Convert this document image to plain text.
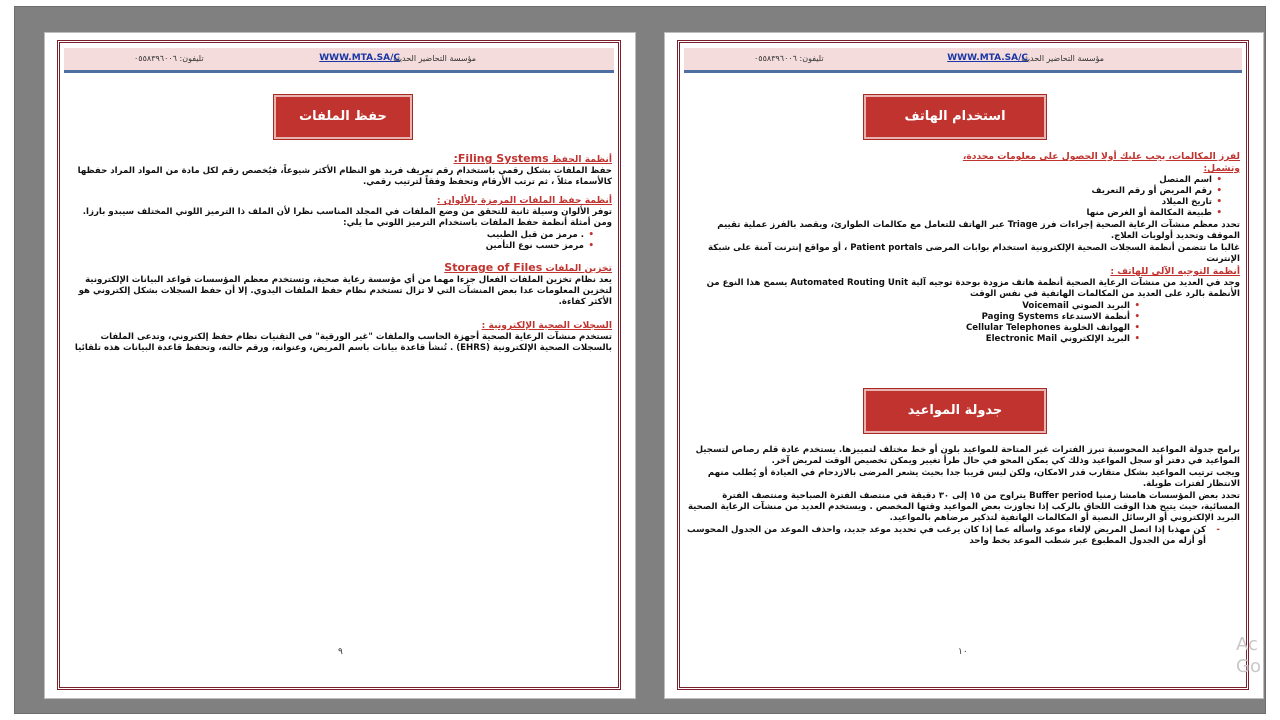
مؤسسة التحاضير الحديثة
WWW.MTA.SA/C
تليفون: ٠٥٥٨٣٩٦٠٠٦
حفظ الملفات

أنظمة الحفظ Filing Systems:

حفظ الملفات بشكل رقمي باستخدام رقم تعريف فريد هو النظام الأكثر شيوعاً، فيُخصص رقم لكل مادة من المواد المراد حفظها كالأسماء مثلاً ، ثم ترتب الأرقام وتحفظ وفقاً لترتيب رقمي.

أنظمة حفظ الملفات المرمزة بالألوان :

توفر الألوان وسيلة ثانية للتحقق من وضع الملفات في المجلد المناسب نظرا لأن الملف ذا الترميز اللوني المختلف سيبدو بارزا. ومن أمثلة أنظمة حفظ الملفات باستخدام الترميز اللوني ما يلي:

• . مرمز من قبل الطبيب
• مرمز حسب نوع التأمين

تخزين الملفات Storage of Files

يعد نظام تخزين الملفات الفعال جزءا مهما من أي مؤسسة رعاية صحية، وتستخدم معظم المؤسسات قواعد البيانات الإلكترونية لتخزين المعلومات عدا بعض المنشآت التي لا تزال تستخدم نظام حفظ الملفات اليدوي. إلا أن حفظ السجلات بشكل إلكتروني هو الأكثر كفاءة.

السجلات الصحية الإلكترونية :

تستخدم منشآت الرعاية الصحية أجهزة الحاسب والملفات "غير الورقية" في التقنيات نظام حفظ إلكتروني، وتدعى الملفات بالسجلات الصحية الإلكترونية (EHRS) . تُنشأ قاعدة بيانات باسم المريض، وعنوانه، ورقم حالته، وتحفظ قاعدة البيانات هذه تلقائيا

٩
مؤسسة التحاضير الحديثة
WWW.MTA.SA/C
تليفون: ٠٥٥٨٣٩٦٠٠٦
استخدام الهاتف

لفرز المكالمات، يجب عليك أولا الحصول على معلومات محددة،

وتشمل:

• اسم المتصل
• رقم المريض أو رقم التعريف
• تاريخ الميلاد
• طبيعة المكالمة أو الغرض منها

تحدد معظم منشآت الرعاية الصحية إجراءات فرز Triage عبر الهاتف للتعامل مع مكالمات الطوارئ، ويقصد بالفرز عملية تقييم الموقف وتحديد أولويات العلاج.

غالبا ما تتضمن أنظمة السجلات الصحية الإلكترونية استخدام بوابات المرضى Patient portals ، أو مواقع إنترنت آمنة على شبكة الإنترنت

أنظمة التوجيه الآلي للهاتف :

وجد في العديد من منشآت الرعاية الصحية أنظمة هاتف مزودة بوحدة توجيه آلية Automated Routing Unit يسمح هذا النوع من الأنظمة بالرد على العديد من المكالمات الهاتفية في نفس الوقت

• البريد الصوتي Voicemail
• أنظمة الاستدعاء Paging Systems
• الهواتف الخلوية Cellular Telephones
• البريد الإلكتروني Electronic Mail
جدولة المواعيد

برامج جدولة المواعيد المحوسبة تبرز الفترات غير المتاحة للمواعيد بلون أو خط مختلف لتمييزها. يستخدم عادة قلم رصاص لتسجيل المواعيد في دفتر أو سجل المواعيد وذلك كي يمكن المحو في حال طرأ تغيير ويمكن تخصيص الوقت لمريض آخر.

ويجب ترتيب المواعيد بشكل متقارب قدر الامكان، ولكن ليس قريبا جدا بحيث يشعر المرضى بالازدحام في العيادة أو يُطلب منهم الانتظار لفترات طويلة.

تحدد بعض المؤسسات هامشا زمنيا Buffer period يتراوح من ١٥ إلى ٣٠ دقيقة في منتصف الفترة الصباحية ومنتصف الفترة المسائية، حيث يتيح هذا الوقت اللحاق بالركب إذا تجاوزت بعض المواعيد وقتها المخصص . ويستخدم العديد من منشآت الرعاية الصحية البريد الإلكتروني أو الرسائل النصية أو المكالمات الهاتفية لتذكير مرضاهم بالمواعيد.

- كن مهذبا إذا اتصل المريض لإلغاء موعد واسأله عما إذا كان يرغب في تحديد موعد جديد، واحذف الموعد من الجدول المحوسب أو أزله من الجدول المطبوع عبر شطب الموعد بخط واحد
١٠	Ac
Go
